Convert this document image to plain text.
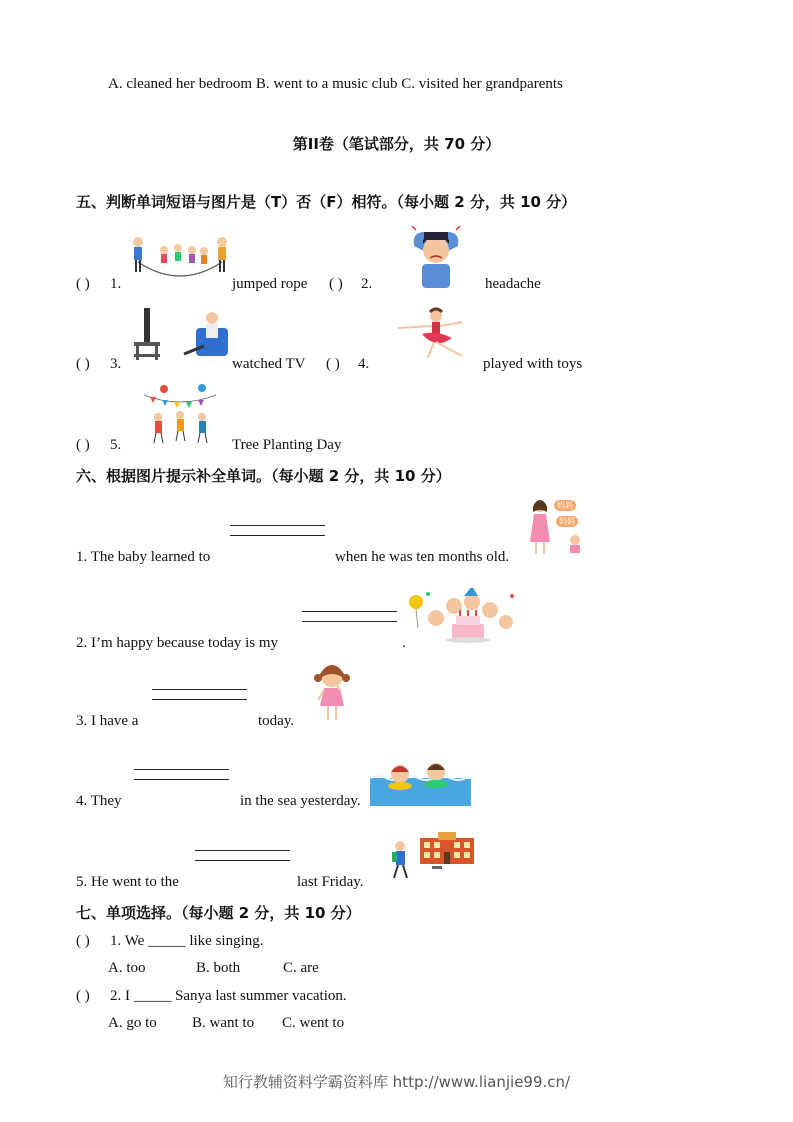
A. cleaned her bedroom B. went to a music club C. visited her grandparents
第II卷（笔试部分，共 70 分）
五、判断单词短语与图片是（T）否（F）相符。（每小题 2 分，共 10 分）
( ) 1.	jumped rope ( ) 2.	headache
( ) 3.	watched TV ( ) 4.	played with toys
( ) 5.	Tree Planting Day
六、根据图片提示补全单词。（每小题 2 分，共 10 分）
1. The baby learned to	when he was ten months old.
妈妈
妈妈
2. I’m happy because today is my	.
3. I have a	today.
4. They	in the sea yesterday.
5. He went to the	last Friday.
七、单项选择。（每小题 2 分，共 10 分）
( ) 1. We _____ like singing.
A. too	B. both	C. are
( ) 2. I _____ Sanya last summer vacation.
A. go to B. want to C. went to
知行教辅资料学霸资料库 http://www.lianjie99.cn/
